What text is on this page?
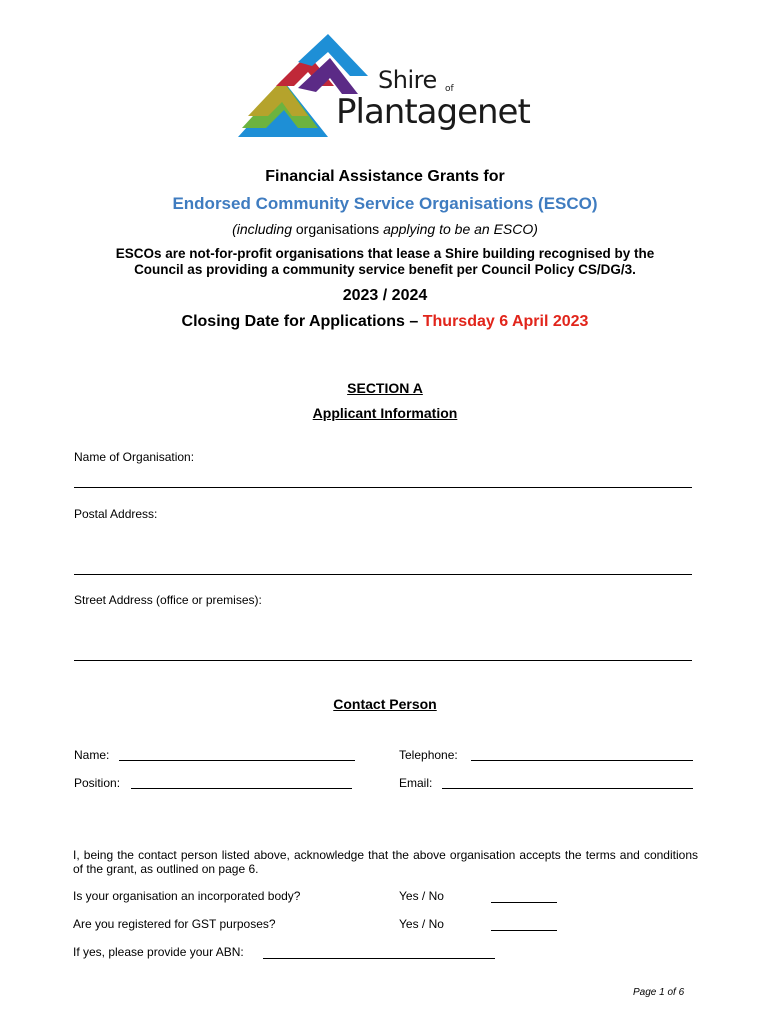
Shire of
Plantagenet
Financial Assistance Grants for
Endorsed Community Service Organisations (ESCO)
(including organisations applying to be an ESCO)
ESCOs are not-for-profit organisations that lease a Shire building recognised by the
Council as providing a community service benefit per Council Policy CS/DG/3.
2023 / 2024
Closing Date for Applications – Thursday 6 April 2023
SECTION A
Applicant Information
Name of Organisation:
Postal Address:
Street Address (office or premises):
Contact Person
Name:	Telephone:
Position:	Email:
I, being the contact person listed above, acknowledge that the above organisation accepts the terms and conditions of the grant, as outlined on page 6.
Is your organisation an incorporated body?	Yes / No
Are you registered for GST purposes?	Yes / No
If yes, please provide your ABN:
Page 1 of 6
